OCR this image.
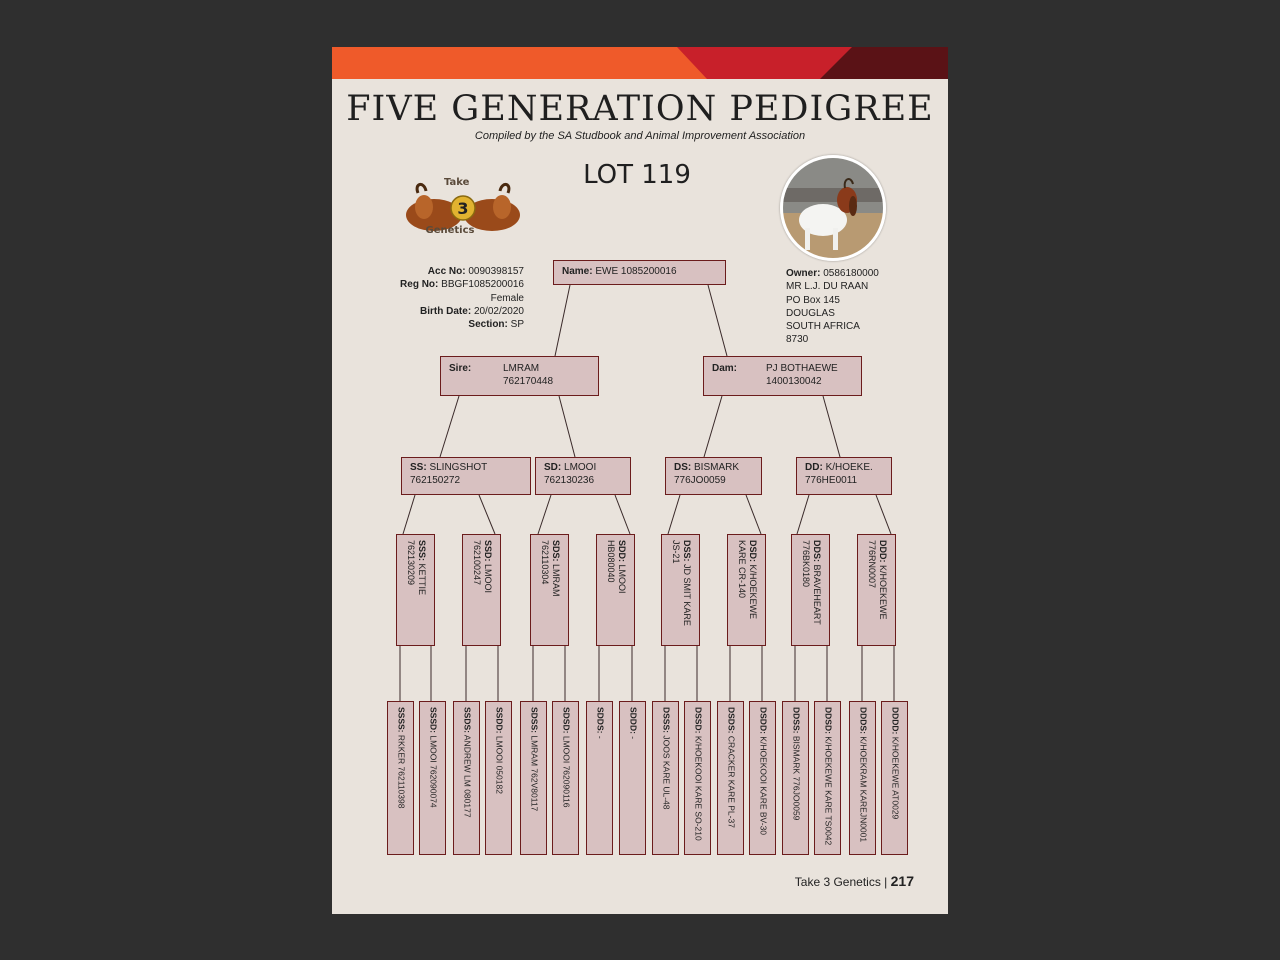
FIVE GENERATION PEDIGREE
Compiled by the SA Studbook and Animal Improvement Association
LOT 119
3
Take
Genetics
Acc No: 0090398157
Reg No: BBGF1085200016
Female
Birth Date: 20/02/2020
Section: SP
Owner: 0586180000
MR L.J. DU RAAN
PO Box 145
DOUGLAS
SOUTH AFRICA
8730
Name: EWE 1085200016
Sire:	LMRAM
762170448
Dam:	PJ BOTHAEWE
1400130042
SS: SLINGSHOT
762150272
SD: LMOOI
762130236
DS: BISMARK
776JO0059
DD: K/HOEKE.
776HE0011
SSS: KETTIE
762130209	SSD: LMOOI
762100247	SDS: LMRAM
762110304	SDD: LMOOI
HB080040	DSS: JD SMIT KARE
JS-21	DSD: K/HOEKEWE
KARE CR-140	DDS: BRAVEHEART
776BK0180	DDD: K/HOEKEWE
776RN0007
SSSS: RKKER 762110398
SSSD: LMOOI 762090074
SSDS: ANDREW LM 080177
SSDD: LMOOI 050182
SDSS: LMRAM 762V80117
SDSD: LMOOI 762090116
SDDS: -
SDDD: -
DSSS: JOOS KARE UL-48
DSSD: K/HOEKOOI KARE SO-210
DSDS: CRACKER KARE PL-37
DSDD: K/HOEKOOI KARE BV-30
DDSS: BISMARK 776JO0059
DDSD: K/HOEKEWE KARE TS0042
DDDS: K/HOEKRAM KAREJN0001
DDDD: K/HOEKEWE AT0029
Take 3 Genetics | 217
